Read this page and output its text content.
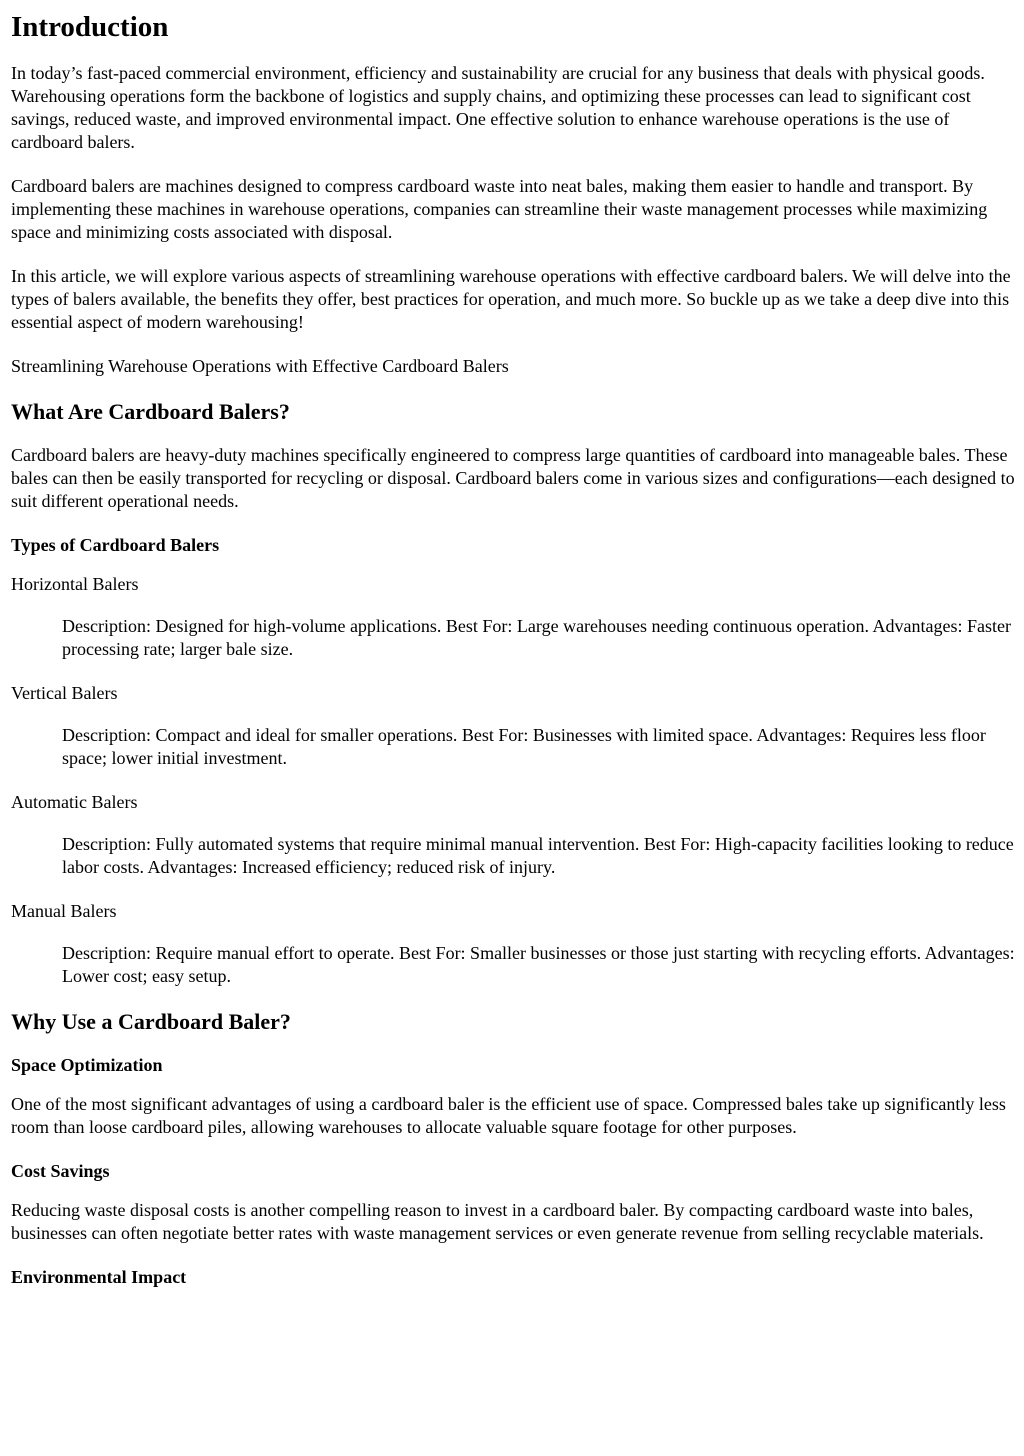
Introduction

In today’s fast-paced commercial environment, efficiency and sustainability are crucial for any business that deals with physical goods. Warehousing operations form the backbone of logistics and supply chains, and optimizing these processes can lead to significant cost savings, reduced waste, and improved environmental impact. One effective solution to enhance warehouse operations is the use of cardboard balers.

Cardboard balers are machines designed to compress cardboard waste into neat bales, making them easier to handle and transport. By implementing these machines in warehouse operations, companies can streamline their waste management processes while maximizing space and minimizing costs associated with disposal.

In this article, we will explore various aspects of streamlining warehouse operations with effective cardboard balers. We will delve into the types of balers available, the benefits they offer, best practices for operation, and much more. So buckle up as we take a deep dive into this essential aspect of modern warehousing!

Streamlining Warehouse Operations with Effective Cardboard Balers
What Are Cardboard Balers?

Cardboard balers are heavy-duty machines specifically engineered to compress large quantities of cardboard into manageable bales. These bales can then be easily transported for recycling or disposal. Cardboard balers come in various sizes and configurations—each designed to suit different operational needs.

Types of Cardboard Balers
Horizontal Balers
Description: Designed for high-volume applications. Best For: Large warehouses needing continuous operation. Advantages: Faster processing rate; larger bale size.
Vertical Balers
Description: Compact and ideal for smaller operations. Best For: Businesses with limited space. Advantages: Requires less floor space; lower initial investment.
Automatic Balers
Description: Fully automated systems that require minimal manual intervention. Best For: High-capacity facilities looking to reduce labor costs. Advantages: Increased efficiency; reduced risk of injury.
Manual Balers
Description: Require manual effort to operate. Best For: Smaller businesses or those just starting with recycling efforts. Advantages: Lower cost; easy setup.
Why Use a Cardboard Baler?
Space Optimization

One of the most significant advantages of using a cardboard baler is the efficient use of space. Compressed bales take up significantly less room than loose cardboard piles, allowing warehouses to allocate valuable square footage for other purposes.

Cost Savings

Reducing waste disposal costs is another compelling reason to invest in a cardboard baler. By compacting cardboard waste into bales, businesses can often negotiate better rates with waste management services or even generate revenue from selling recyclable materials.

Environmental Impact
